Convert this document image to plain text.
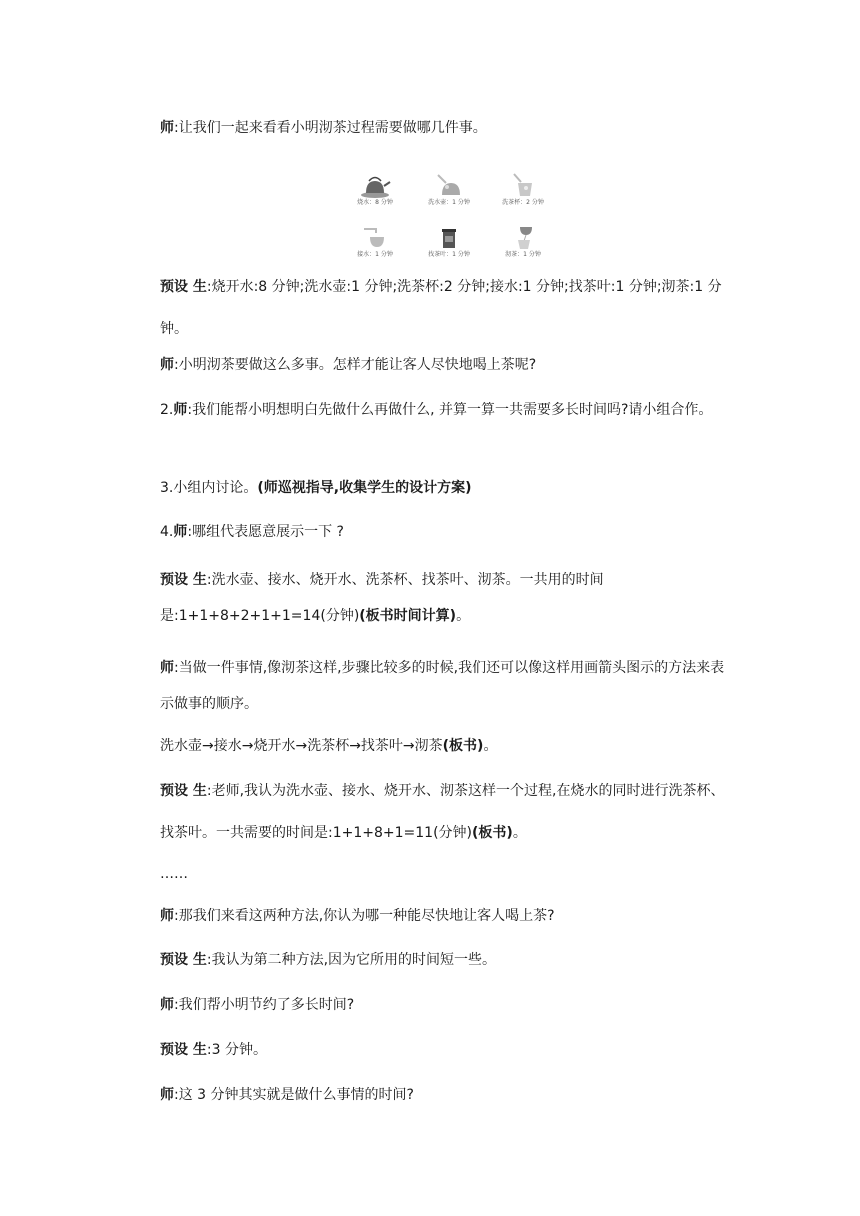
师:让我们一起来看看小明沏茶过程需要做哪几件事。
烧水：8 分钟	洗水壶：1 分钟	洗茶杯：2 分钟
接水：1 分钟	找茶叶：1 分钟	沏茶：1 分钟
预设 生:烧开水:8 分钟;洗水壶:1 分钟;洗茶杯:2 分钟;接水:1 分钟;找茶叶:1 分钟;沏茶:1 分钟。
师:小明沏茶要做这么多事。怎样才能让客人尽快地喝上茶呢?
2.师:我们能帮小明想明白先做什么再做什么, 并算一算一共需要多长时间吗?请小组合作。
3.小组内讨论。(师巡视指导,收集学生的设计方案)
4.师:哪组代表愿意展示一下 ?
预设 生:洗水壶、接水、烧开水、洗茶杯、找茶叶、沏茶。一共用的时间是:1+1+8+2+1+1=14(分钟)(板书时间计算)。
师:当做一件事情,像沏茶这样,步骤比较多的时候,我们还可以像这样用画箭头图示的方法来表示做事的顺序。
洗水壶→接水→烧开水→洗茶杯→找茶叶→沏茶(板书)。
预设 生:老师,我认为洗水壶、接水、烧开水、沏茶这样一个过程,在烧水的同时进行洗茶杯、找茶叶。一共需要的时间是:1+1+8+1=11(分钟)(板书)。
……
师:那我们来看这两种方法,你认为哪一种能尽快地让客人喝上茶?
预设 生:我认为第二种方法,因为它所用的时间短一些。
师:我们帮小明节约了多长时间?
预设 生:3 分钟。
师:这 3 分钟其实就是做什么事情的时间?
